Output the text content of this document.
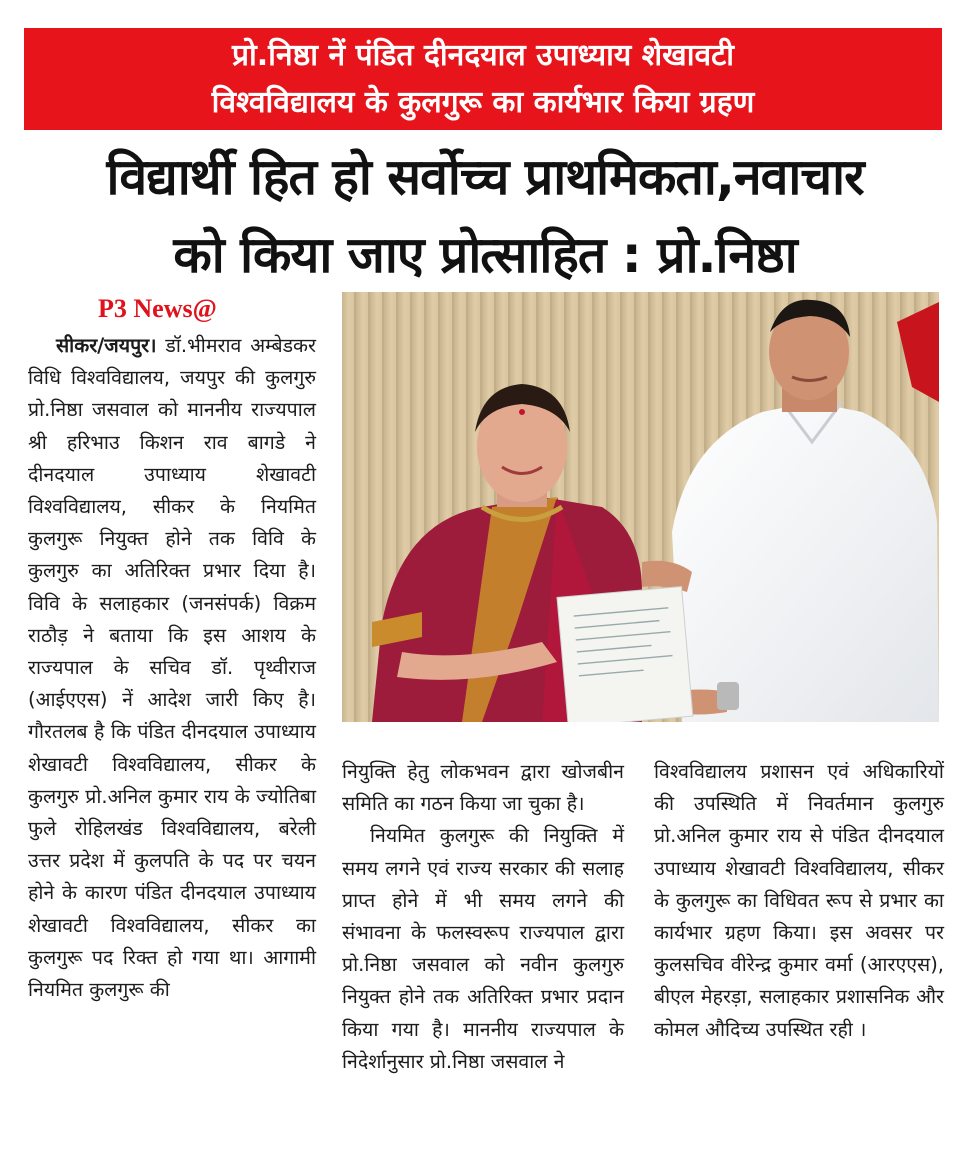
प्रो.निष्ठा नें पंडित दीनदयाल उपाध्याय शेखावटी
विश्वविद्यालय के कुलगुरू का कार्यभार किया ग्रहण
विद्यार्थी हित हो सर्वोच्च प्राथमिकता,नवाचार
को किया जाए प्रोत्साहित : प्रो.निष्ठा
P3 News@

सीकर/जयपुर। डॉ.भीमराव अम्बेडकर विधि विश्वविद्यालय, जयपुर की कुलगुरु प्रो.निष्ठा जसवाल को माननीय राज्यपाल श्री हरिभाउ किशन राव बागडे ने दीनदयाल उपाध्याय शेखावटी विश्वविद्यालय, सीकर के नियमित कुलगुरू नियुक्त होने तक विवि के कुलगुरु का अतिरिक्त प्रभार दिया है। विवि के सलाहकार (जनसंपर्क) विक्रम राठौड़ ने बताया कि इस आशय के राज्यपाल के सचिव डॉ. पृथ्वीराज (आईएएस) नें आदेश जारी किए है। गौरतलब है कि पंडित दीनदयाल उपाध्याय शेखावटी विश्वविद्यालय, सीकर के कुलगुरु प्रो.अनिल कुमार राय के ज्योतिबा फुले रोहिलखंड विश्वविद्यालय, बरेली उत्तर प्रदेश में कुलपति के पद पर चयन होने के कारण पंडित दीनदयाल उपाध्याय शेखावटी विश्वविद्यालय, सीकर का कुलगुरू पद रिक्त हो गया था। आगामी नियमित कुलगुरू की

नियुक्ति हेतु लोकभवन द्वारा खोजबीन समिति का गठन किया जा चुका है।

नियमित कुलगुरू की नियुक्ति में समय लगने एवं राज्य सरकार की सलाह प्राप्त होने में भी समय लगने की संभावना के फलस्वरूप राज्यपाल द्वारा प्रो.निष्ठा जसवाल को नवीन कुलगुरु नियुक्त होने तक अतिरिक्त प्रभार प्रदान किया गया है। माननीय राज्यपाल के निदेर्शानुसार प्रो.निष्ठा जसवाल ने

विश्वविद्यालय प्रशासन एवं अधिकारियों की उपस्थिति में निवर्तमान कुलगुरु प्रो.अनिल कुमार राय से पंडित दीनदयाल उपाध्याय शेखावटी विश्वविद्यालय, सीकर के कुलगुरू का विधिवत रूप से प्रभार का कार्यभार ग्रहण किया। इस अवसर पर कुलसचिव वीरेन्द्र कुमार वर्मा (आरएएस), बीएल मेहरड़ा, सलाहकार प्रशासनिक और कोमल औदिच्य उपस्थित रही ।
